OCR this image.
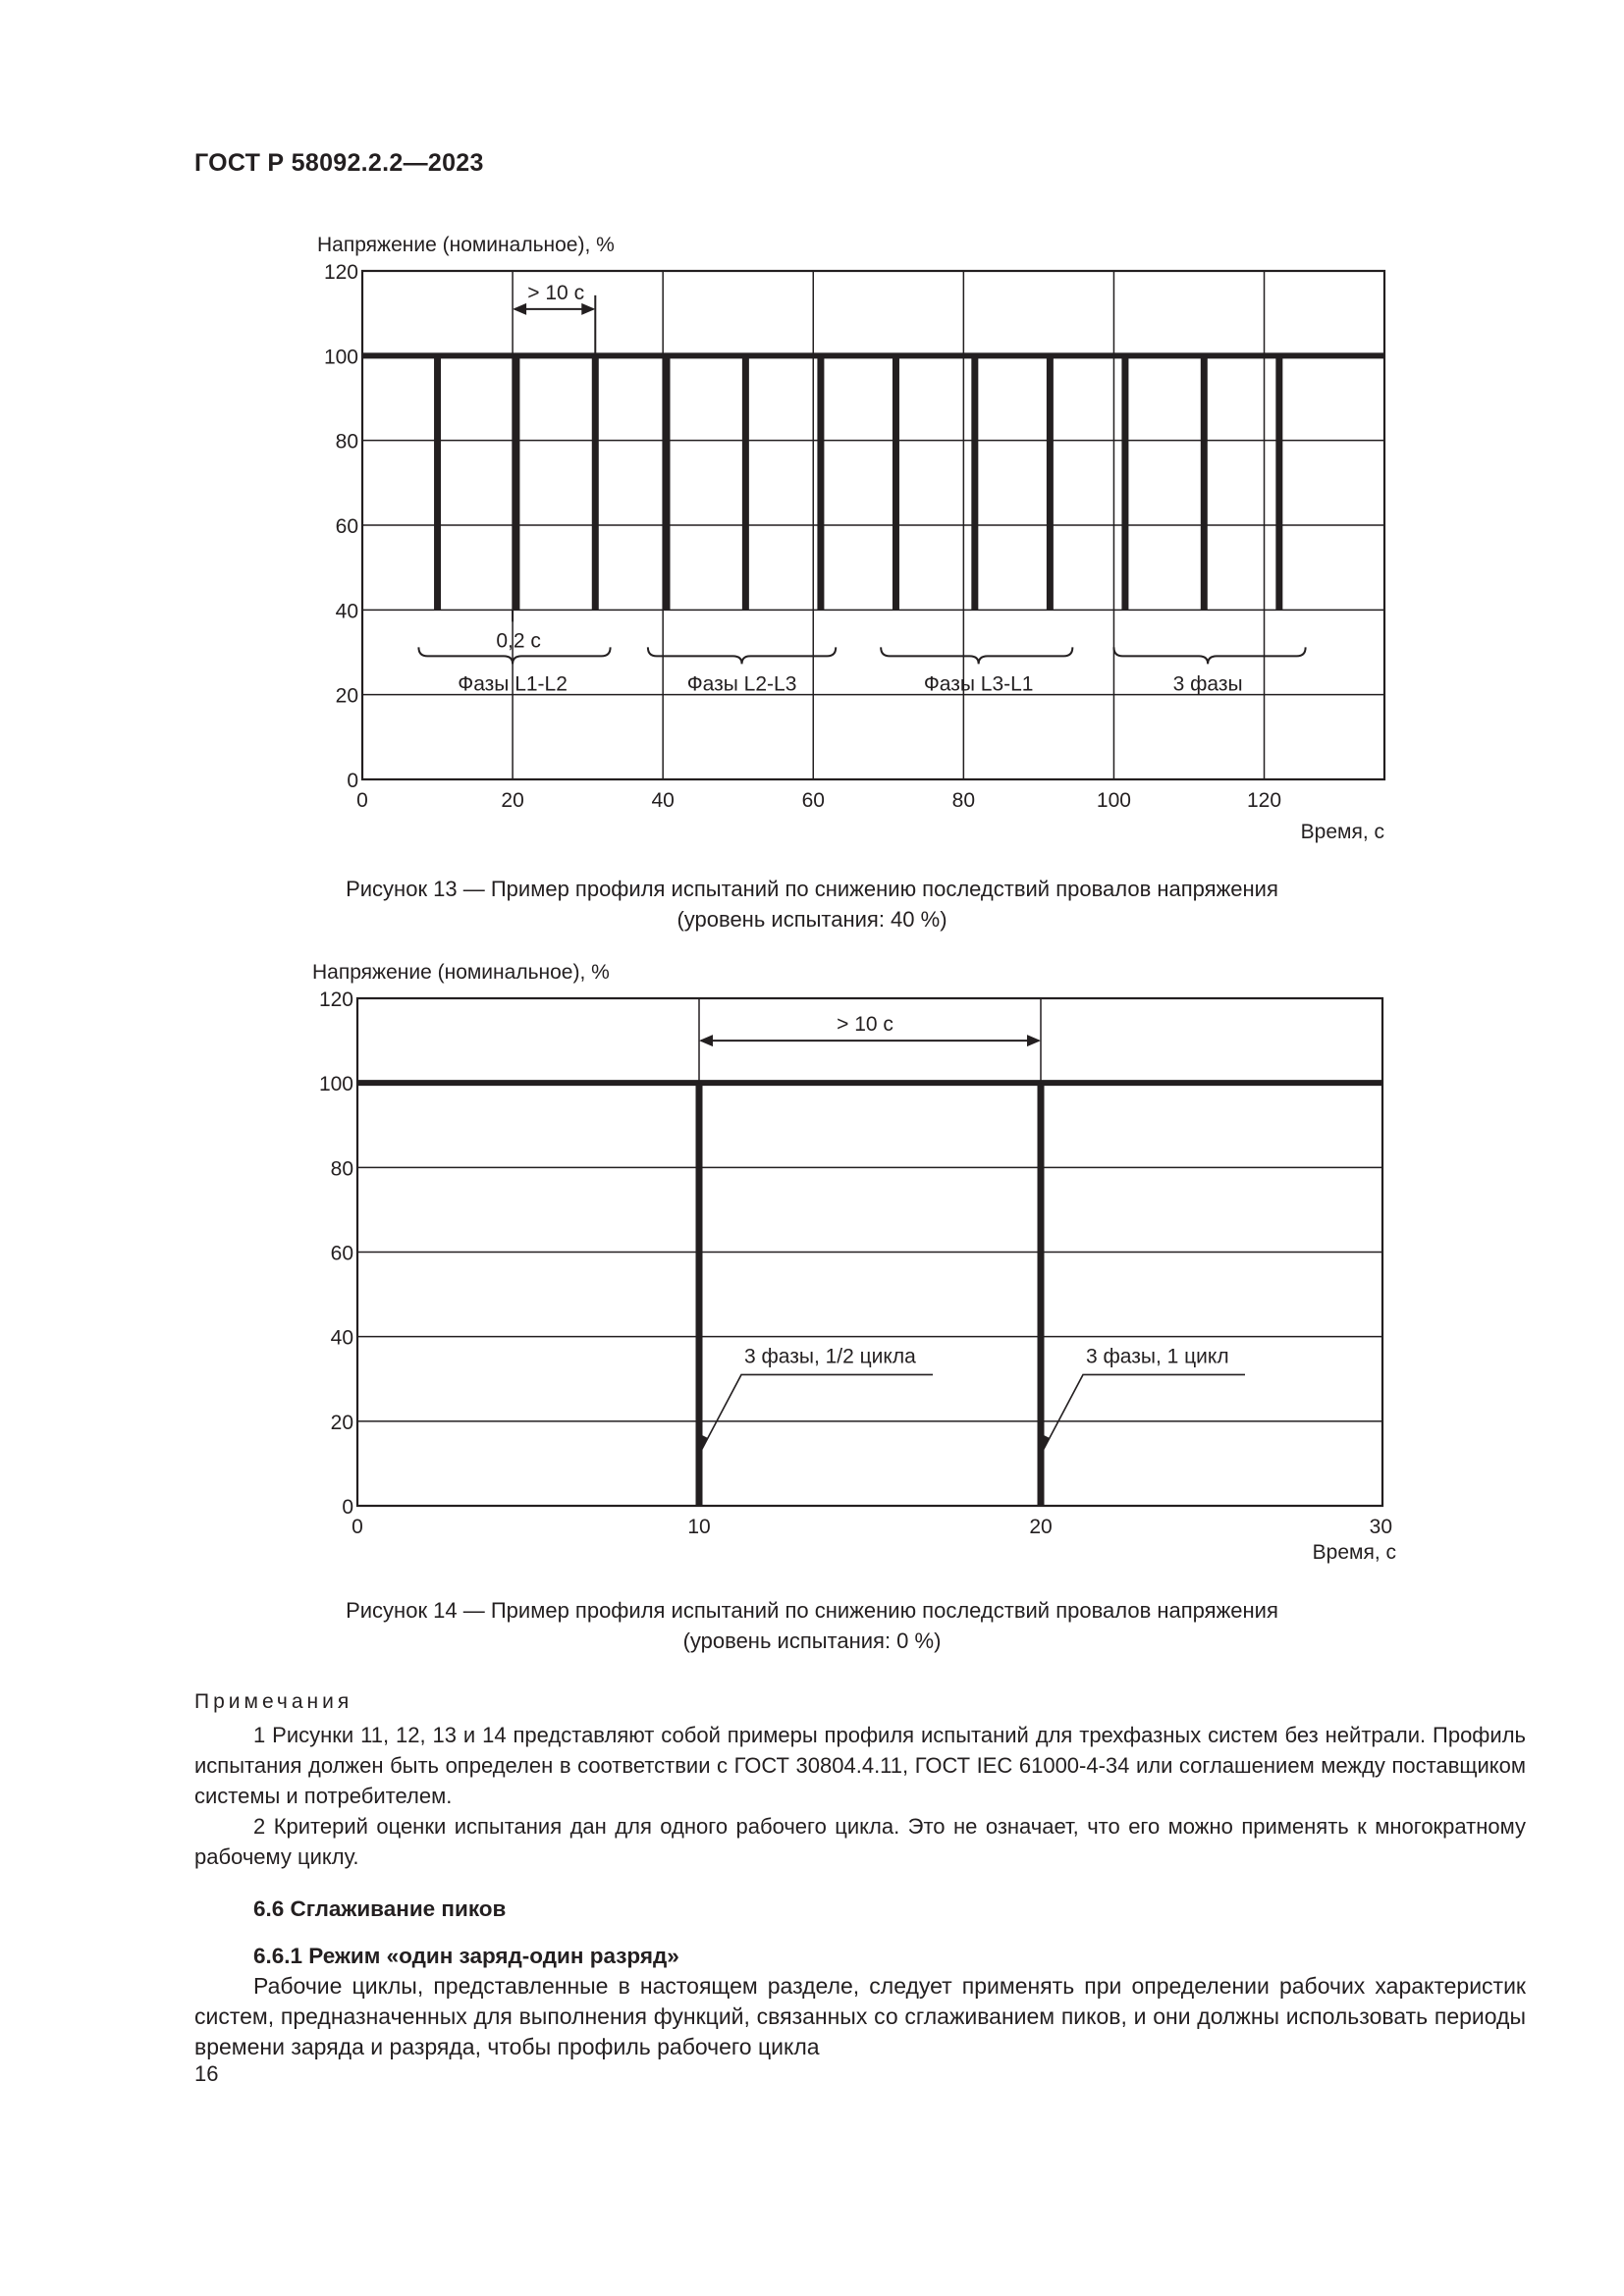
ГОСТ Р 58092.2.2—2023
Напряжение (номинальное), %
0
20
40
60
80
100
120
0	20	40	60	80	100	120
Время, с
> 10 с
0,2 с
Фазы L1-L2	Фазы L2-L3	Фазы L3-L1	3 фазы
Рисунок 13 — Пример профиля испытаний по снижению последствий провалов напряжения
(уровень испытания: 40 %)
Напряжение (номинальное), %
0
20
40
60
80
100
120
0	10	20	30
Время, с
> 10 с
3 фазы, 1/2 цикла	3 фазы, 1 цикл
Рисунок 14 — Пример профиля испытаний по снижению последствий провалов напряжения
(уровень испытания: 0 %)
Примечания
1 Рисунки 11, 12, 13 и 14 представляют собой примеры профиля испытаний для трехфазных систем без нейтрали. Профиль испытания должен быть определен в соответствии с ГОСТ 30804.4.11, ГОСТ IEC 61000-4-34 или соглашением между поставщиком системы и потребителем.
2 Критерий оценки испытания дан для одного рабочего цикла. Это не означает, что его можно применять к многократному рабочему циклу.
6.6 Сглаживание пиков
6.6.1 Режим «один заряд-один разряд»
Рабочие циклы, представленные в настоящем разделе, следует применять при определении рабочих характеристик систем, предназначенных для выполнения функций, связанных со сглаживанием пиков, и они должны использовать периоды времени заряда и разряда, чтобы профиль рабочего цикла
16
